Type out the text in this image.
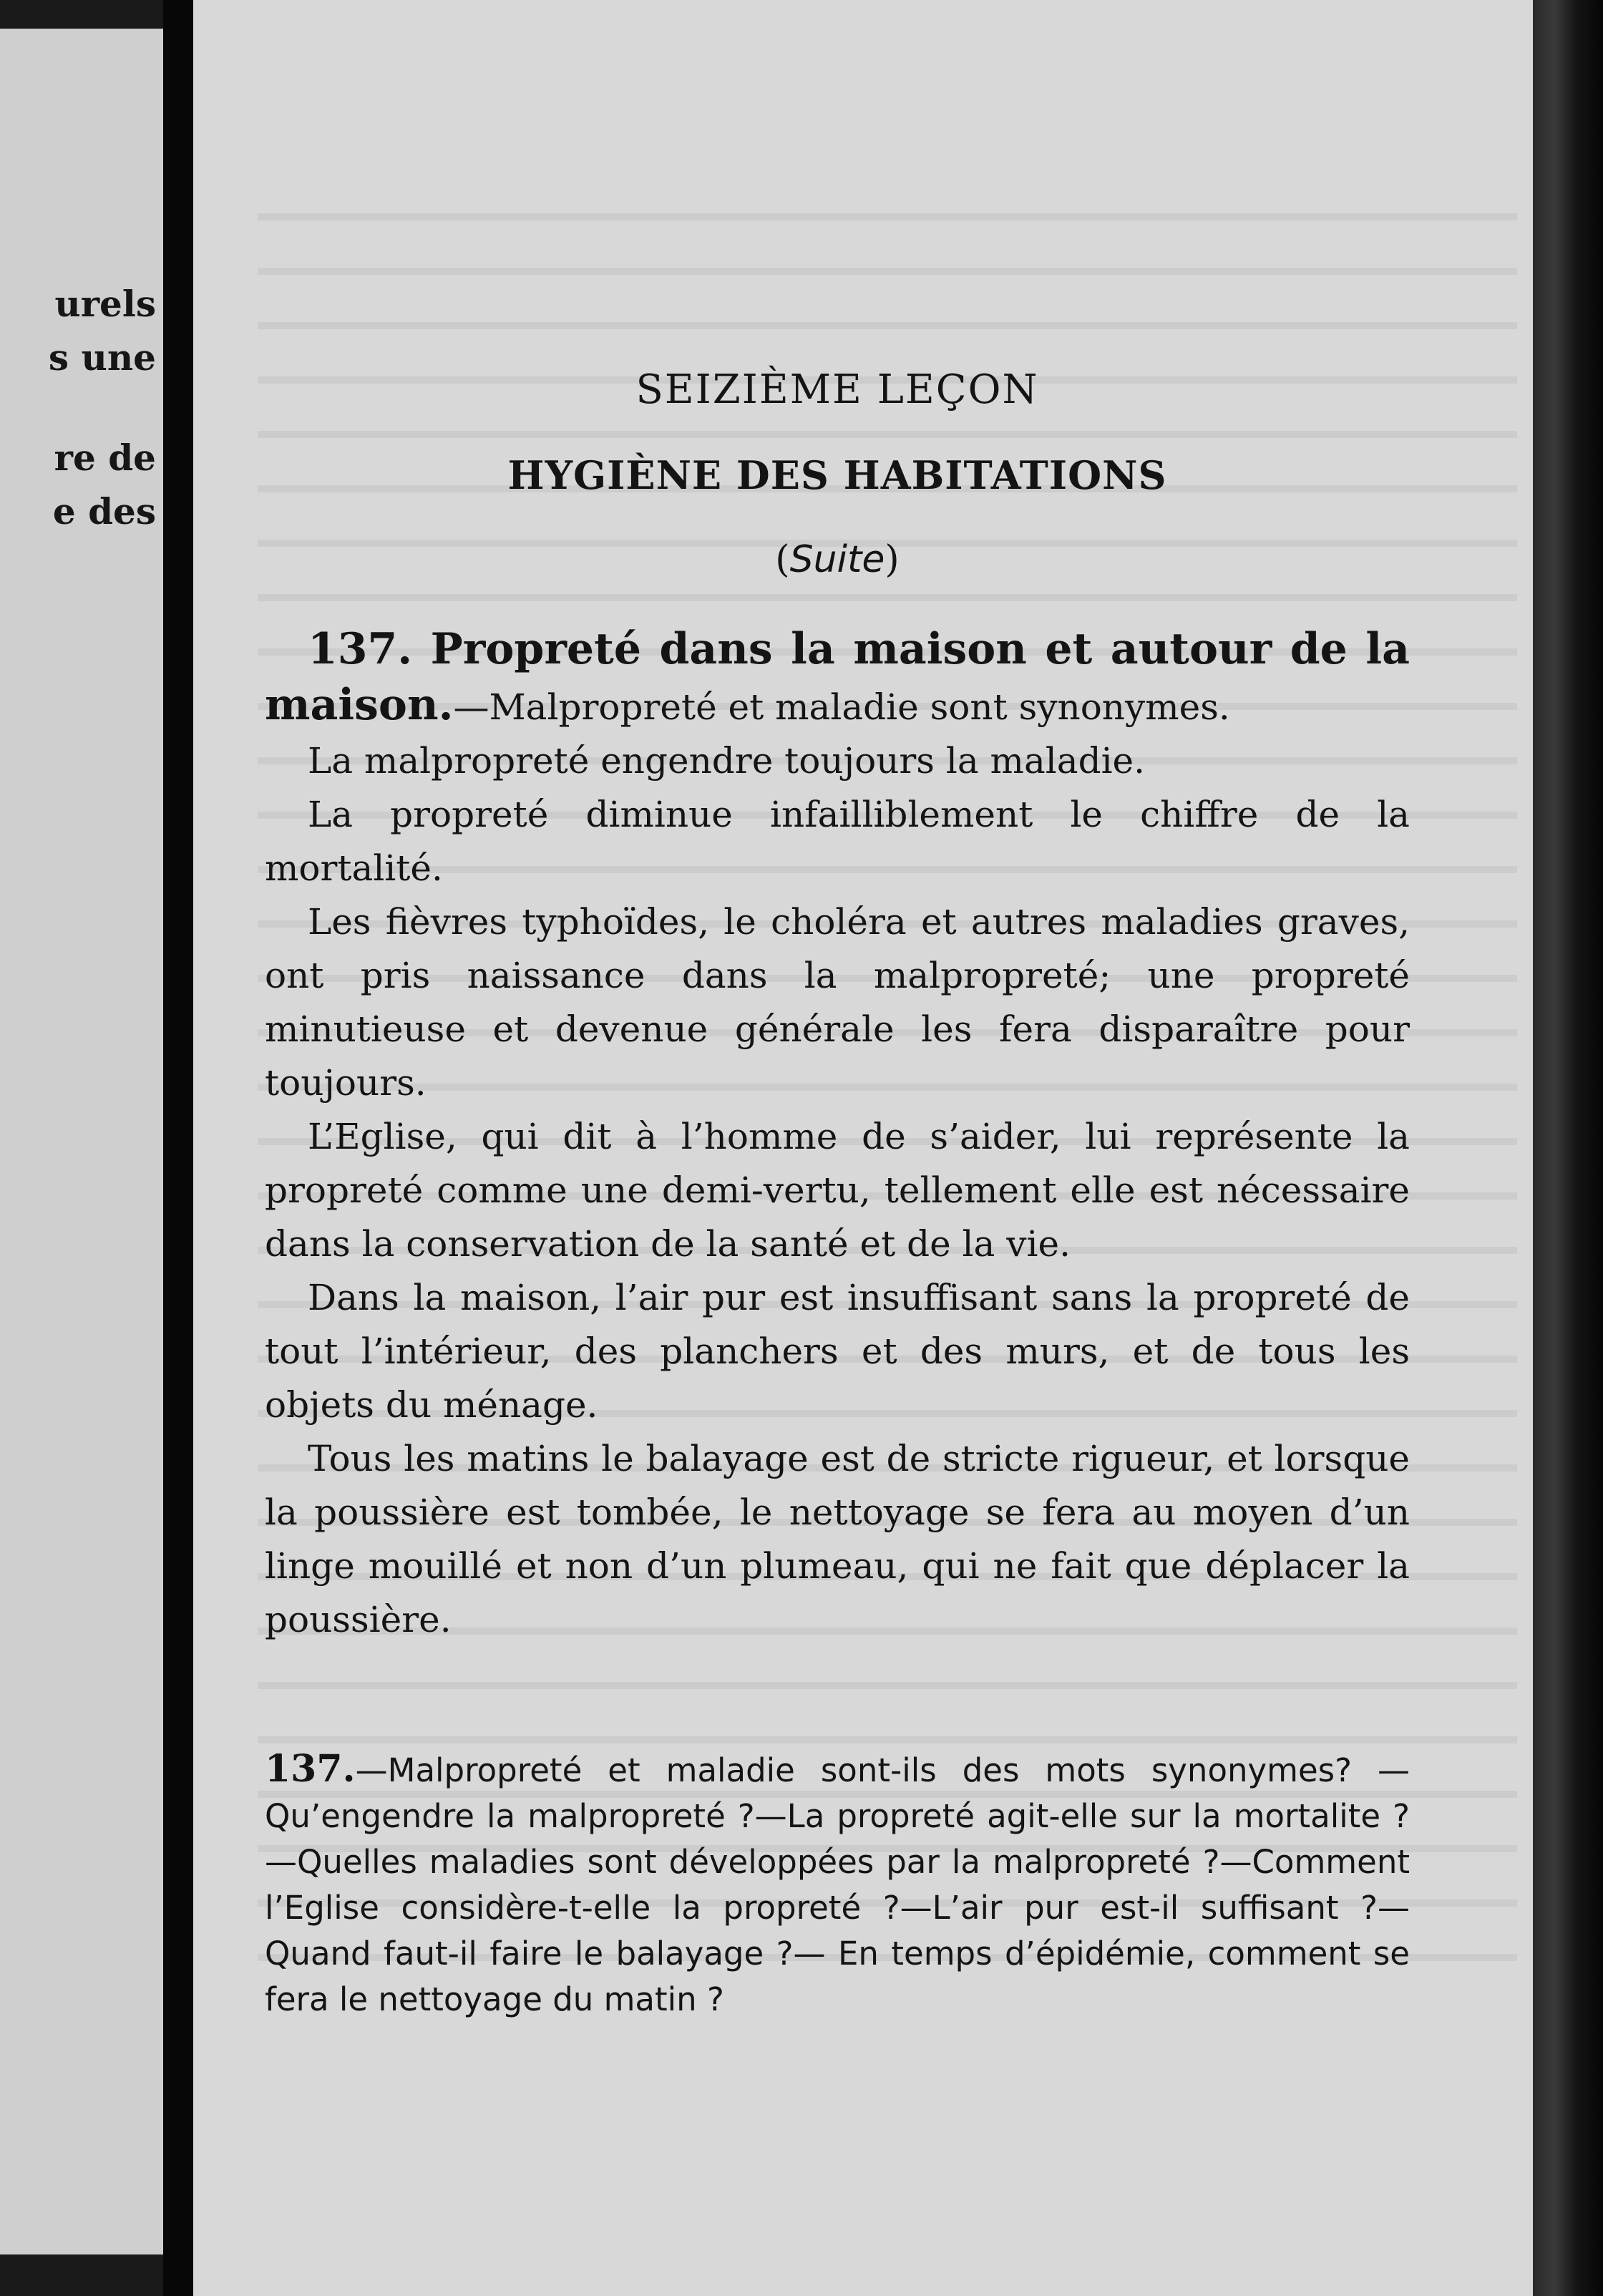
urels

s une

re de

e des

SEIZIÈME LEÇON
HYGIÈNE DES HABITATIONS

(Suite)

137. Propreté dans la maison et autour de la maison.—Malpropreté et maladie sont synonymes.

La malpropreté engendre toujours la maladie.

La propreté diminue infailliblement le chiffre de la mortalité.

Les fièvres typhoïdes, le choléra et autres maladies graves, ont pris naissance dans la malpropreté; une propreté minutieuse et devenue générale les fera disparaître pour toujours.

L’Eglise, qui dit à l’homme de s’aider, lui représente la propreté comme une demi-vertu, tellement elle est nécessaire dans la conservation de la santé et de la vie.

Dans la maison, l’air pur est insuffisant sans la propreté de tout l’intérieur, des planchers et des murs, et de tous les objets du ménage.

Tous les matins le balayage est de stricte rigueur, et lorsque la poussière est tombée, le nettoyage se fera au moyen d’un linge mouillé et non d’un plumeau, qui ne fait que déplacer la poussière.

137.—Malpropreté et maladie sont-ils des mots synonymes? —Qu’engendre la malpropreté ?—La propreté agit-elle sur la mortalite ?—Quelles maladies sont développées par la malpropreté ?—Comment l’Eglise considère-t-elle la propreté ?—L’air pur est-il suffisant ?— Quand faut-il faire le balayage ?— En temps d’épidémie, comment se fera le nettoyage du matin ?
